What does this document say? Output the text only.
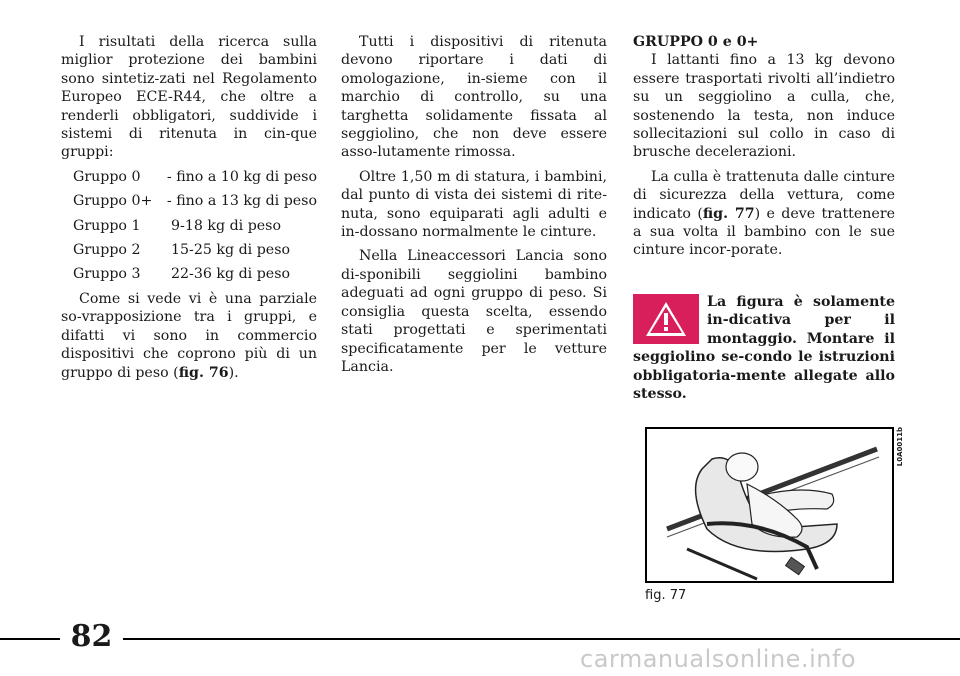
I risultati della ricerca sulla miglior protezione dei bambini sono sintetiz-zati nel Regolamento Europeo ECE-R44, che oltre a renderli obbligatori, suddivide i sistemi di ritenuta in cin-que gruppi:

Gruppo 0	- fino a 10 kg di peso
Gruppo 0+	- fino a 13 kg di peso
Gruppo 1	9-18 kg di peso
Gruppo 2	15-25 kg di peso
Gruppo 3	22-36 kg di peso

Come si vede vi è una parziale so-vrapposizione tra i gruppi, e difatti vi sono in commercio dispositivi che coprono più di un gruppo di peso (fig. 76).

Tutti i dispositivi di ritenuta devono riportare i dati di omologazione, in-sieme con il marchio di controllo, su una targhetta solidamente fissata al seggiolino, che non deve essere asso-lutamente rimossa.

Oltre 1,50 m di statura, i bambini, dal punto di vista dei sistemi di rite-nuta, sono equiparati agli adulti e in-dossano normalmente le cinture.

Nella Lineaccessori Lancia sono di-sponibili seggiolini bambino adeguati ad ogni gruppo di peso. Si consiglia questa scelta, essendo stati progettati e sperimentati specificatamente per le vetture Lancia.

GRUPPO 0 e 0+

I lattanti fino a 13 kg devono essere trasportati rivolti all’indietro su un seggiolino a culla, che, sostenendo la testa, non induce sollecitazioni sul collo in caso di brusche decelerazioni.

La culla è trattenuta dalle cinture di sicurezza della vettura, come indicato (fig. 77) e deve trattenere a sua volta il bambino con le sue cinture incor-porate.

La figura è solamente in-dicativa per il montaggio. Montare il seggiolino se-condo le istruzioni obbligatoria-mente allegate allo stesso.

L0A0011b
fig. 77
82
carmanualsonline.info
